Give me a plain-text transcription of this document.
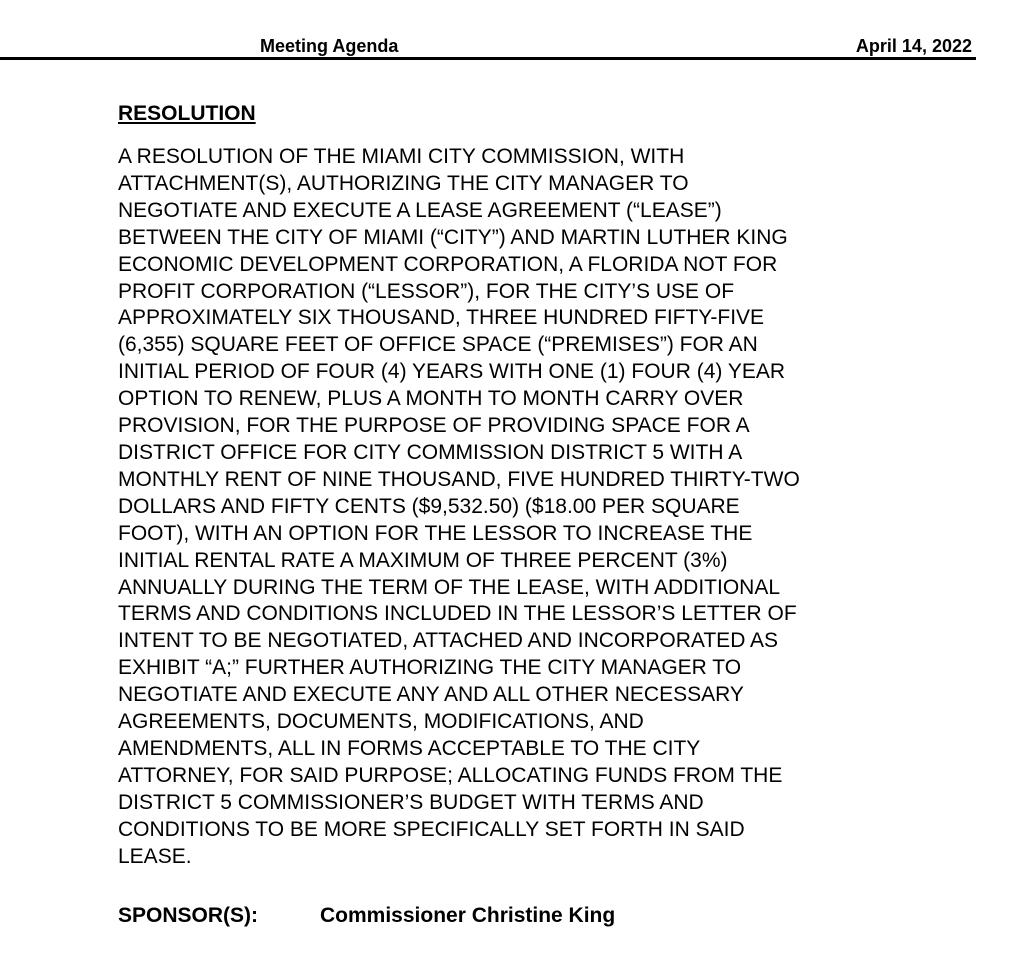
Meeting Agenda	April 14, 2022
RESOLUTION

A RESOLUTION OF THE MIAMI CITY COMMISSION, WITH
ATTACHMENT(S), AUTHORIZING THE CITY MANAGER TO
NEGOTIATE AND EXECUTE A LEASE AGREEMENT (“LEASE”)
BETWEEN THE CITY OF MIAMI (“CITY”) AND MARTIN LUTHER KING
ECONOMIC DEVELOPMENT CORPORATION, A FLORIDA NOT FOR
PROFIT CORPORATION (“LESSOR”), FOR THE CITY’S USE OF
APPROXIMATELY SIX THOUSAND, THREE HUNDRED FIFTY-FIVE
(6,355) SQUARE FEET OF OFFICE SPACE (“PREMISES”) FOR AN
INITIAL PERIOD OF FOUR (4) YEARS WITH ONE (1) FOUR (4) YEAR
OPTION TO RENEW, PLUS A MONTH TO MONTH CARRY OVER
PROVISION, FOR THE PURPOSE OF PROVIDING SPACE FOR A
DISTRICT OFFICE FOR CITY COMMISSION DISTRICT 5 WITH A
MONTHLY RENT OF NINE THOUSAND, FIVE HUNDRED THIRTY-TWO
DOLLARS AND FIFTY CENTS ($9,532.50) ($18.00 PER SQUARE
FOOT), WITH AN OPTION FOR THE LESSOR TO INCREASE THE
INITIAL RENTAL RATE A MAXIMUM OF THREE PERCENT (3%)
ANNUALLY DURING THE TERM OF THE LEASE, WITH ADDITIONAL
TERMS AND CONDITIONS INCLUDED IN THE LESSOR’S LETTER OF
INTENT TO BE NEGOTIATED, ATTACHED AND INCORPORATED AS
EXHIBIT “A;” FURTHER AUTHORIZING THE CITY MANAGER TO
NEGOTIATE AND EXECUTE ANY AND ALL OTHER NECESSARY
AGREEMENTS, DOCUMENTS, MODIFICATIONS, AND
AMENDMENTS, ALL IN FORMS ACCEPTABLE TO THE CITY
ATTORNEY, FOR SAID PURPOSE; ALLOCATING FUNDS FROM THE
DISTRICT 5 COMMISSIONER’S BUDGET WITH TERMS AND
CONDITIONS TO BE MORE SPECIFICALLY SET FORTH IN SAID
LEASE.

SPONSOR(S):	Commissioner Christine King
